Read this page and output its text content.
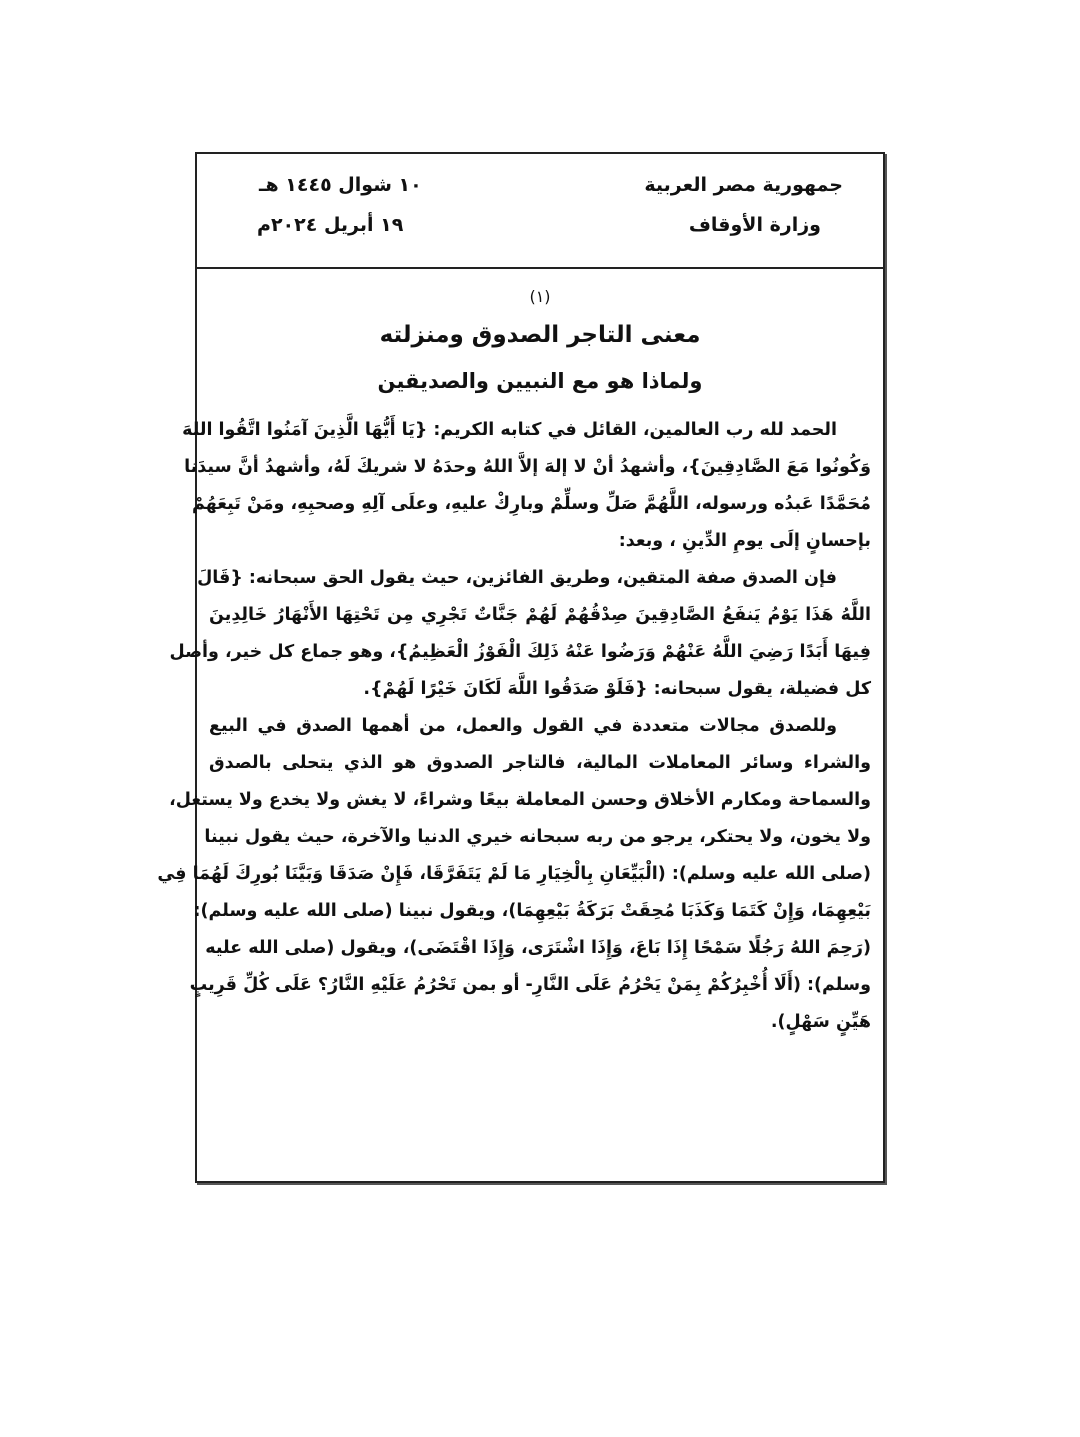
جمهورية مصر العربية
وزارة الأوقاف
١٠ شوال ١٤٤٥ هـ
١٩ أبريل ٢٠٢٤م
(١)
معنى التاجر الصدوق ومنزلته
ولماذا هو مع النبيين والصديقين
الحمد لله رب العالمين، القائل في كتابه الكريم: {يَا أَيُّهَا الَّذِينَ آمَنُوا اتَّقُوا اللهَ
وَكُونُوا مَعَ الصَّادِقِينَ}، وأشهدُ أنْ لا إلهَ إلاَّ اللهُ وحدَهُ لا شريكَ لَهُ، وأشهدُ أنَّ سيدَنا
مُحَمَّدًا عَبدُه ورسوله، اللَّهُمَّ صَلِّ وسلِّمْ وبارِكْ عليهِ، وعلَى آلِهِ وصحبِهِ، ومَنْ تَبِعَهُمْ
بإحسانٍ إلَى يومِ الدِّينِ ، وبعد:
فإن الصدق صفة المتقين، وطريق الفائزين، حيث يقول الحق سبحانه: {قَالَ
اللَّهُ هَذَا يَوْمُ يَنفَعُ الصَّادِقِينَ صِدْقُهُمْ لَهُمْ جَنَّاتٌ تَجْرِي مِن تَحْتِهَا الأَنْهَارُ خَالِدِينَ
فِيهَا أَبَدًا رَضِيَ اللَّهُ عَنْهُمْ وَرَضُوا عَنْهُ ذَلِكَ الْفَوْزُ الْعَظِيمُ}، وهو جماع كل خير، وأصل
كل فضيلة، يقول سبحانه: {فَلَوْ صَدَقُوا اللَّهَ لَكَانَ خَيْرًا لَهُمْ}.
وللصدق مجالات متعددة في القول والعمل، من أهمها الصدق في البيع
والشراء وسائر المعاملات المالية، فالتاجر الصدوق هو الذي يتحلى بالصدق
والسماحة ومكارم الأخلاق وحسن المعاملة بيعًا وشراءً، لا يغش ولا يخدع ولا يستغل،
ولا يخون، ولا يحتكر، يرجو من ربه سبحانه خيري الدنيا والآخرة، حيث يقول نبينا
(صلى الله عليه وسلم): (الْبَيِّعَانِ بِالْخِيَارِ مَا لَمْ يَتَفَرَّقَا، فَإِنْ صَدَقَا وَبَيَّنَا بُورِكَ لَهُمَا فِي
بَيْعِهِمَا، وَإِنْ كَتَمَا وَكَذَبَا مُحِقَتْ بَرَكَةُ بَيْعِهِمَا)، ويقول نبينا (صلى الله عليه وسلم):
(رَحِمَ اللهُ رَجُلًا سَمْحًا إِذَا بَاعَ، وَإِذَا اشْتَرَى، وَإِذَا اقْتَضَى)، ويقول (صلى الله عليه
وسلم): (أَلَا أُخْبِرُكُمْ بِمَنْ يَحْرُمُ عَلَى النَّارِ- أو بمن تَحْرُمُ عَلَيْهِ النَّارُ؟ عَلَى كُلِّ قَرِيبٍ
هَيِّنٍ سَهْلٍ).
